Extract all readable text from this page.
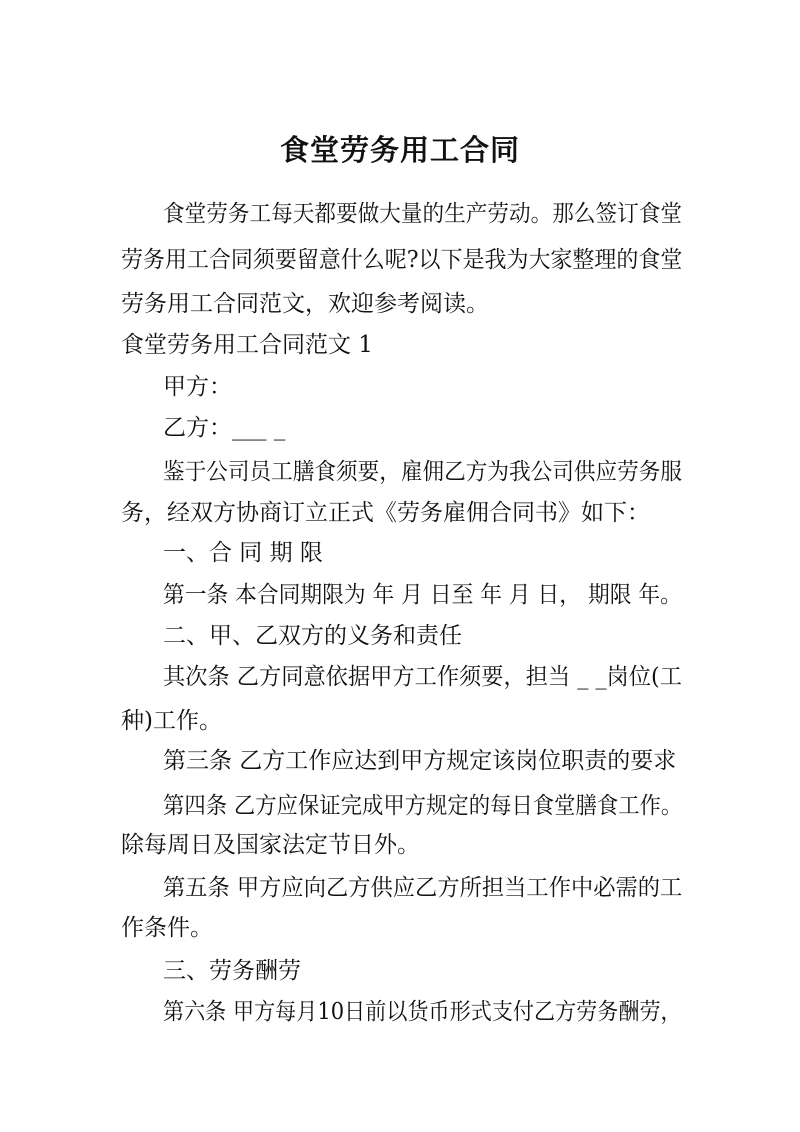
食堂劳务用工合同
食堂劳务工每天都要做大量的生产劳动。那么签订食堂
劳务用工合同须要留意什么呢?以下是我为大家整理的食堂
劳务用工合同范文，欢迎参考阅读。
食堂劳务用工合同范文 1
甲方：
乙方：___ _
鉴于公司员工膳食须要，雇佣乙方为我公司供应劳务服
务，经双方协商订立正式《劳务雇佣合同书》如下：
一、合 同 期 限
第一条 本合同期限为 年 月 日至 年 月 日， 期限 年。
二、甲、乙双方的义务和责任
其次条 乙方同意依据甲方工作须要，担当 _ _岗位(工
种)工作。
第三条 乙方工作应达到甲方规定该岗位职责的要求
第四条 乙方应保证完成甲方规定的每日食堂膳食工作。
除每周日及国家法定节日外。
第五条 甲方应向乙方供应乙方所担当工作中必需的工
作条件。
三、劳务酬劳
第六条 甲方每月10日前以货币形式支付乙方劳务酬劳，
